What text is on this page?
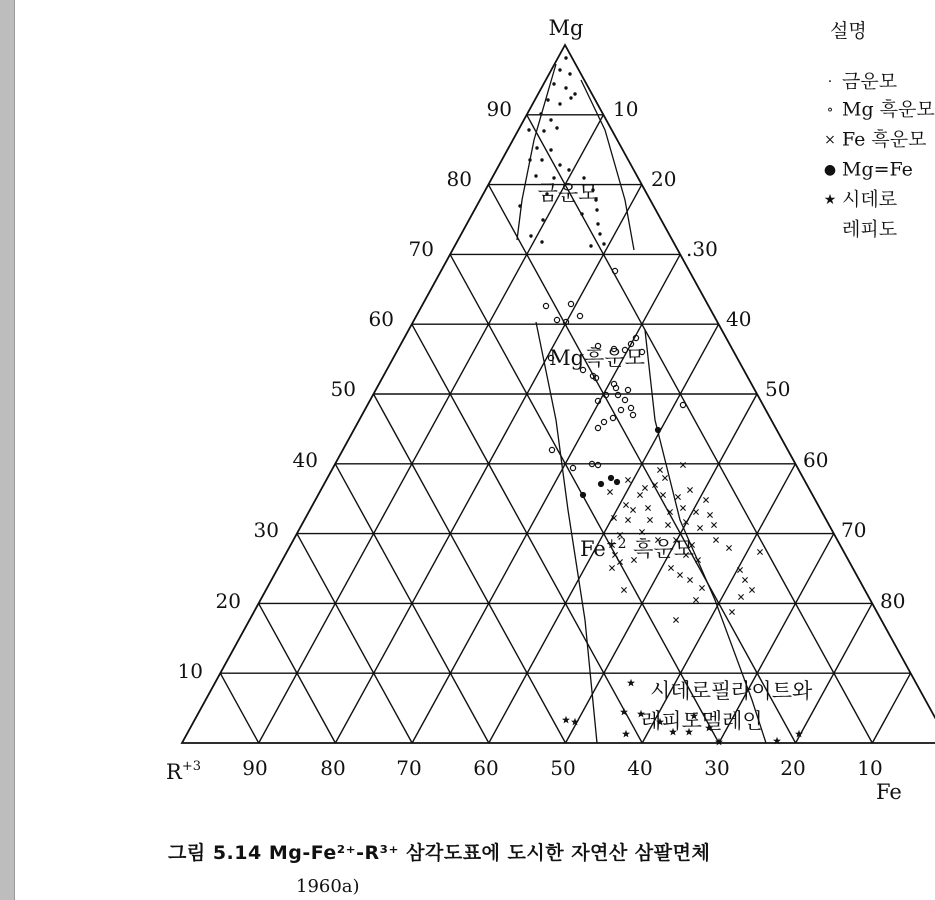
Mg
$R^{+3}$
Fe
90
80
70
60
50
40
30
20
10
10
20
.30
40
50
60
70
80
90	80	70	60	50	40	30	20	10
금운모
Mg흑운모
$Fe^{+2}$ 흑운모
시데로필라이트와
레피도멜레인
설명
· 금운모
∘ Mg 흑운모
× Fe 흑운모
● Mg=Fe
★ 시데로
레피도
그림 5.14 Mg-Fe²⁺-R³⁺ 삼각도표에 도시한 자연산 삼팔면체
1960a)
